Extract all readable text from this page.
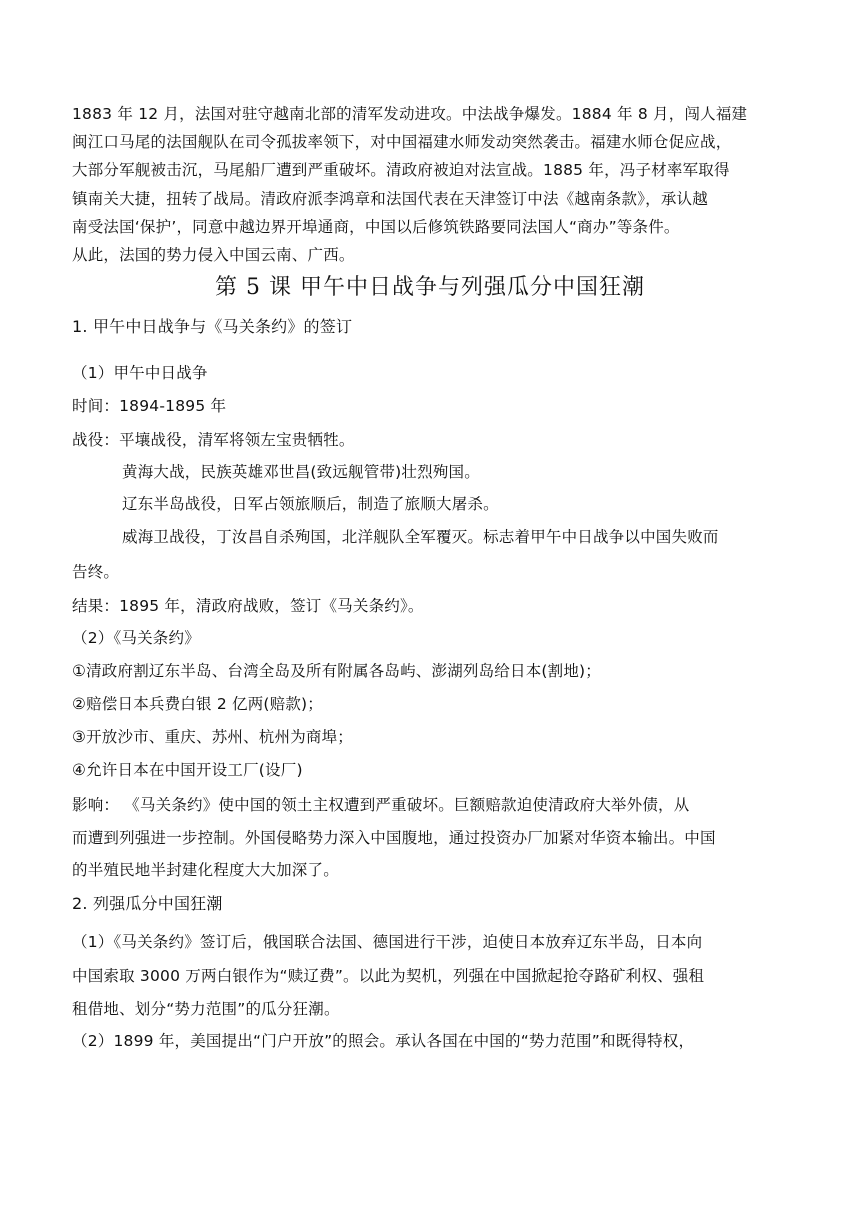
1883 年 12 月，法国对驻守越南北部的清军发动进攻。中法战争爆发。1884 年 8 月，闯人福建
闽江口马尾的法国舰队在司令孤拔率领下，对中国福建水师发动突然袭击。福建水师仓促应战，
大部分军舰被击沉，马尾船厂遭到严重破坏。清政府被迫对法宣战。1885 年，冯子材率军取得
镇南关大捷，扭转了战局。清政府派李鸿章和法国代表在天津签订中法《越南条款》，承认越
南受法国‘保护’，同意中越边界开埠通商，中国以后修筑铁路要同法国人“商办”等条件。
从此，法国的势力侵入中国云南、广西。
第 5 课 甲午中日战争与列强瓜分中国狂潮
1. 甲午中日战争与《马关条约》的签订
（1）甲午中日战争
时间：1894-1895 年
战役：平壤战役，清军将领左宝贵牺牲。
黄海大战，民族英雄邓世昌(致远舰管带)壮烈殉国。
辽东半岛战役，日军占领旅顺后，制造了旅顺大屠杀。
威海卫战役，丁汝昌自杀殉国，北洋舰队全军覆灭。标志着甲午中日战争以中国失败而
告终。
结果：1895 年，清政府战败，签订《马关条约》。
（2）《马关条约》
①清政府割辽东半岛、台湾全岛及所有附属各岛屿、澎湖列岛给日本(割地)；
②赔偿日本兵费白银 2 亿两(赔款)；
③开放沙市、重庆、苏州、杭州为商埠；
④允许日本在中国开设工厂(设厂)
影响： 《马关条约》使中国的领土主权遭到严重破坏。巨额赔款迫使清政府大举外债，从
而遭到列强进一步控制。外国侵略势力深入中国腹地，通过投资办厂加紧对华资本输出。中国
的半殖民地半封建化程度大大加深了。
2. 列强瓜分中国狂潮
（1）《马关条约》签订后，俄国联合法国、德国进行干涉，迫使日本放弃辽东半岛，日本向
中国索取 3000 万两白银作为“赎辽费”。以此为契机，列强在中国掀起抢夺路矿利权、强租
租借地、划分“势力范围”的瓜分狂潮。
（2）1899 年，美国提出“门户开放”的照会。承认各国在中国的“势力范围”和既得特权，
